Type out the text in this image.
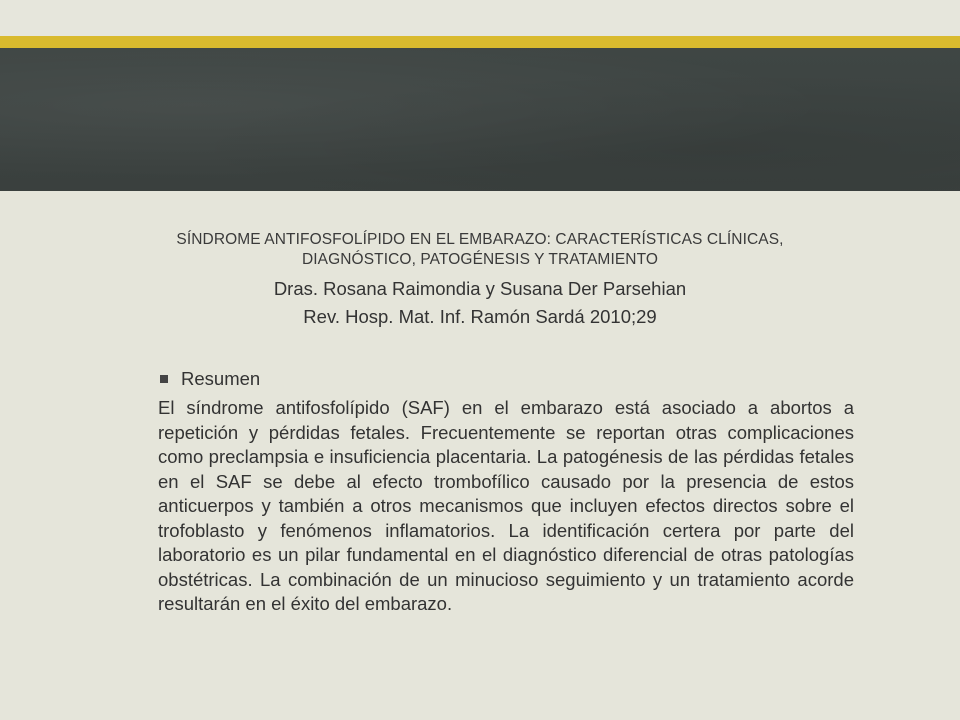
SÍNDROME ANTIFOSFOLÍPIDO EN EL EMBARAZO: CARACTERÍSTICAS CLÍNICAS,

DIAGNÓSTICO, PATOGÉNESIS Y TRATAMIENTO

Dras. Rosana Raimondia y Susana Der Parsehian

Rev. Hosp. Mat. Inf. Ramón Sardá 2010;29

Resumen

El síndrome antifosfolípido (SAF) en el embarazo está asociado a abortos a repetición y pérdidas fetales. Frecuentemente se reportan otras complicaciones como preclampsia e insuficiencia placentaria. La patogénesis de las pérdidas fetales en el SAF se debe al efecto trombofílico causado por la presencia de estos anticuerpos y también a otros mecanismos que incluyen efectos directos sobre el trofoblasto y fenómenos inflamatorios. La identificación certera por parte del laboratorio es un pilar fundamental en el diagnóstico diferencial de otras patologías obstétricas. La combinación de un minucioso seguimiento y un tratamiento acorde resultarán en el éxito del embarazo.
